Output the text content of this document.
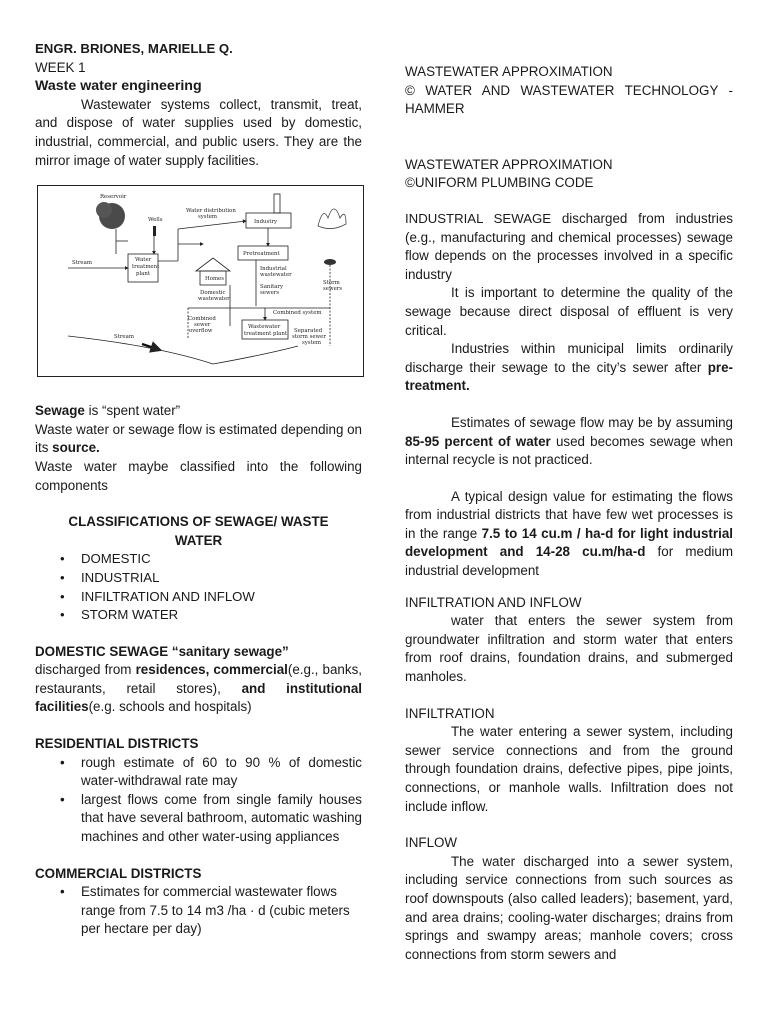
ENGR. BRIONES, MARIELLE Q.

WEEK 1

Waste water engineering

Wastewater systems collect, transmit, treat, and dispose of water supplies used by domestic, industrial, commercial, and public users. They are the mirror image of water supply facilities.

Reservoir
Wells
Water distribution
system
Industry
Stream	Water
treatment
plant
Homes
Pretreatment
Domestic
wastewater
Industrial
wastewater
Sanitary
sewers
Storm
sewers
Combined system
Combined
sewer
overflow
Wastewater
treatment plant Separated
storm sewer
system
Stream

Sewage is “spent water”

Waste water or sewage flow is estimated depending on its source.

Waste water maybe classified into the following components

CLASSIFICATIONS OF SEWAGE/ WASTE WATER

• DOMESTIC
• INDUSTRIAL
• INFILTRATION AND INFLOW
• STORM WATER

DOMESTIC SEWAGE “sanitary sewage”

discharged from residences, commercial(e.g., banks, restaurants, retail stores), and institutional facilities(e.g. schools and hospitals)

RESIDENTIAL DISTRICTS

• rough estimate of 60 to 90 % of domestic water-withdrawal rate may
• largest flows come from single family houses that have several bathroom, automatic washing machines and other water-using appliances

COMMERCIAL DISTRICTS

• Estimates for commercial wastewater flows range from 7.5 to 14 m3 /ha · d (cubic meters per hectare per day)

WASTEWATER APPROXIMATION

© WATER AND WASTEWATER TECHNOLOGY - HAMMER

WASTEWATER APPROXIMATION

©UNIFORM PLUMBING CODE

INDUSTRIAL SEWAGE discharged from industries (e.g., manufacturing and chemical processes) sewage flow depends on the processes involved in a specific industry

It is important to determine the quality of the sewage because direct disposal of effluent is very critical.

Industries within municipal limits ordinarily discharge their sewage to the city’s sewer after pre-treatment.

Estimates of sewage flow may be by assuming 85-95 percent of water used becomes sewage when internal recycle is not practiced.

A typical design value for estimating the flows from industrial districts that have few wet processes is in the range 7.5 to 14 cu.m / ha-d for light industrial development and 14-28 cu.m/ha-d for medium industrial development

INFILTRATION AND INFLOW

water that enters the sewer system from groundwater infiltration and storm water that enters from roof drains, foundation drains, and submerged manholes.

INFILTRATION

The water entering a sewer system, including sewer service connections and from the ground through foundation drains, defective pipes, pipe joints, connections, or manhole walls. Infiltration does not include inflow.

INFLOW

The water discharged into a sewer system, including service connections from such sources as roof downspouts (also called leaders); basement, yard, and area drains; cooling-water discharges; drains from springs and swampy areas; manhole covers; cross connections from storm sewers and
